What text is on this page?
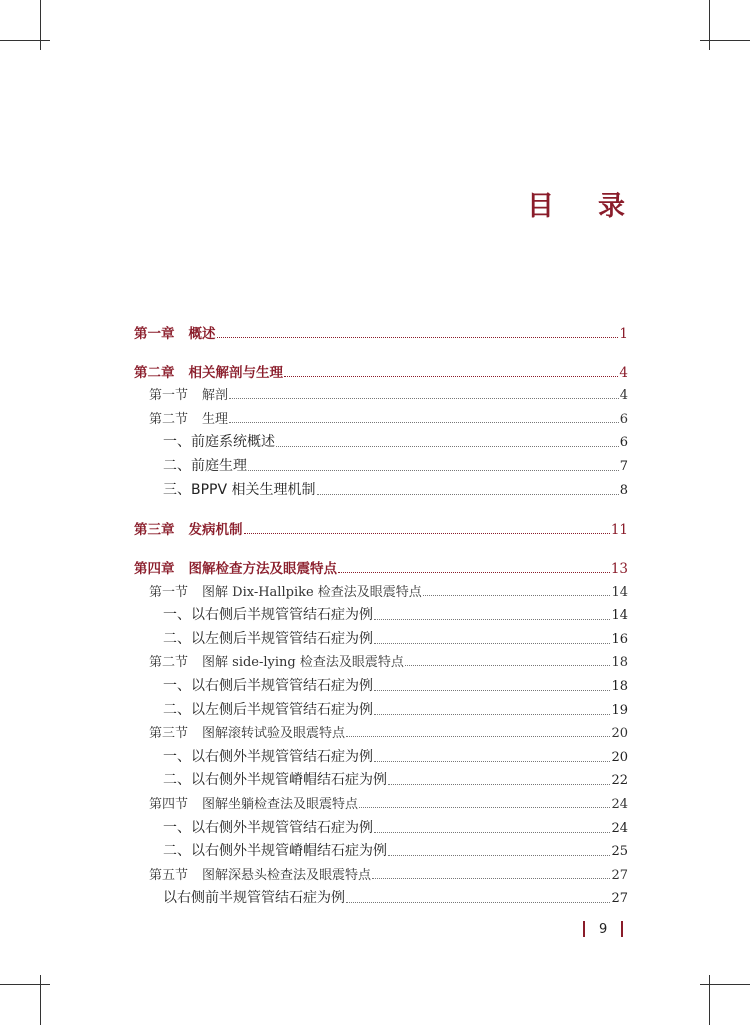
目 录
第一章 概述	1
第二章 相关解剖与生理	4
第一节 解剖	4
第二节 生理	6
一、前庭系统概述	6
二、前庭生理	7
三、BPPV 相关生理机制	8
第三章 发病机制	11
第四章 图解检查方法及眼震特点	13
第一节 图解 Dix-Hallpike 检查法及眼震特点	14
一、以右侧后半规管管结石症为例	14
二、以左侧后半规管管结石症为例	16
第二节 图解 side-lying 检查法及眼震特点	18
一、以右侧后半规管管结石症为例	18
二、以左侧后半规管管结石症为例	19
第三节 图解滚转试验及眼震特点	20
一、以右侧外半规管管结石症为例	20
二、以右侧外半规管嵴帽结石症为例	22
第四节 图解坐躺检查法及眼震特点	24
一、以右侧外半规管管结石症为例	24
二、以右侧外半规管嵴帽结石症为例	25
第五节 图解深悬头检查法及眼震特点	27
以右侧前半规管管结石症为例	27
9
